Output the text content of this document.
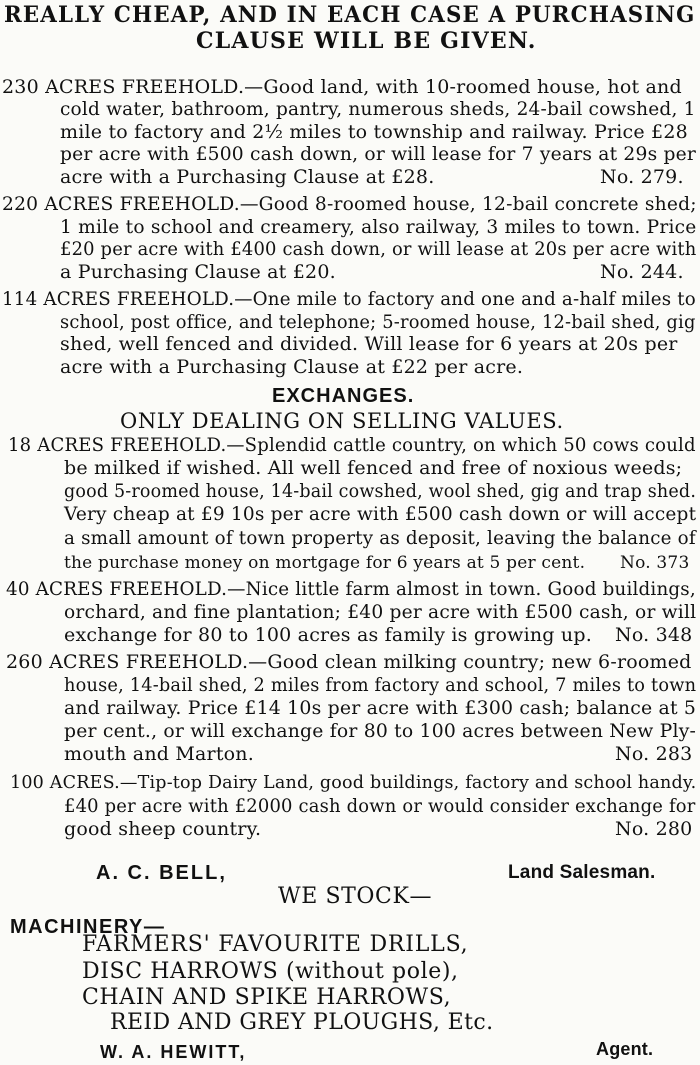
REALLY CHEAP, AND IN EACH CASE A PURCHASING
CLAUSE WILL BE GIVEN.
230 ACRES FREEHOLD.—Good land, with 10-roomed house, hot and
cold water, bathroom, pantry, numerous sheds, 24-bail cowshed, 1
mile to factory and 2½ miles to township and railway. Price £28
per acre with £500 cash down, or will lease for 7 years at 29s per
acre with a Purchasing Clause at £28.	No. 279.
220 ACRES FREEHOLD.—Good 8-roomed house, 12-bail concrete shed;
1 mile to school and creamery, also railway, 3 miles to town. Price
£20 per acre with £400 cash down, or will lease at 20s per acre with
a Purchasing Clause at £20.	No. 244.
114 ACRES FREEHOLD.—One mile to factory and one and a-half miles to
school, post office, and telephone; 5-roomed house, 12-bail shed, gig
shed, well fenced and divided. Will lease for 6 years at 20s per
acre with a Purchasing Clause at £22 per acre.
EXCHANGES.
ONLY DEALING ON SELLING VALUES.
18 ACRES FREEHOLD.—Splendid cattle country, on which 50 cows could
be milked if wished. All well fenced and free of noxious weeds;
good 5-roomed house, 14-bail cowshed, wool shed, gig and trap shed.
Very cheap at £9 10s per acre with £500 cash down or will accept
a small amount of town property as deposit, leaving the balance of
the purchase money on mortgage for 6 years at 5 per cent. No. 373
40 ACRES FREEHOLD.—Nice little farm almost in town. Good buildings,
orchard, and fine plantation; £40 per acre with £500 cash, or will
exchange for 80 to 100 acres as family is growing up. No. 348
260 ACRES FREEHOLD.—Good clean milking country; new 6-roomed
house, 14-bail shed, 2 miles from factory and school, 7 miles to town
and railway. Price £14 10s per acre with £300 cash; balance at 5
per cent., or will exchange for 80 to 100 acres between New Ply-
mouth and Marton.	No. 283
100 ACRES.—Tip-top Dairy Land, good buildings, factory and school handy.
£40 per acre with £2000 cash down or would consider exchange for
good sheep country.	No. 280
A. C. BELL,	Land Salesman.
WE STOCK—
MACHINERY—
FARMERS' FAVOURITE DRILLS,
DISC HARROWS (without pole),
CHAIN AND SPIKE HARROWS,
REID AND GREY PLOUGHS, Etc.
W. A. HEWITT,	Agent.
